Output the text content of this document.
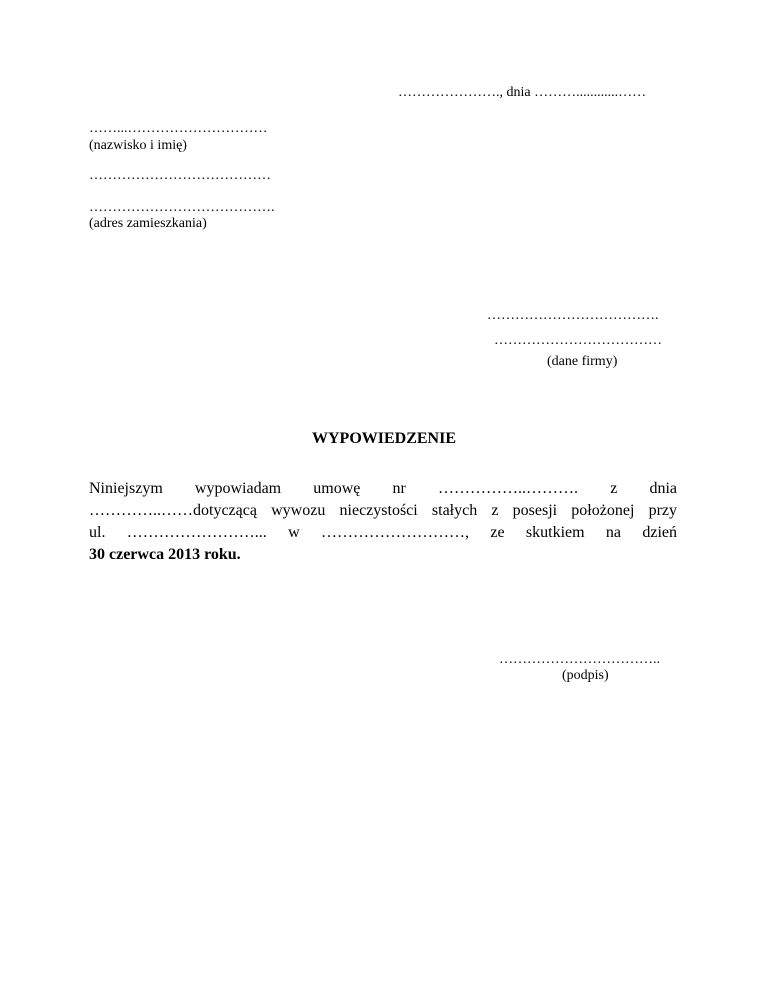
…………………., dnia ………............……
……...…………………………
(nazwisko i imię)
…………………………………
………………………………….
(adres zamieszkania)
……………………………….
………………………………
(dane firmy)
WYPOWIEDZENIE
Niniejszym wypowiadam umowę nr ……………..………. z dnia
…………..……dotyczącą wywozu nieczystości stałych z posesji położonej przy
ul. ……………………... w ………………………, ze skutkiem na dzień
30 czerwca 2013 roku.
……………………………..
(podpis)
